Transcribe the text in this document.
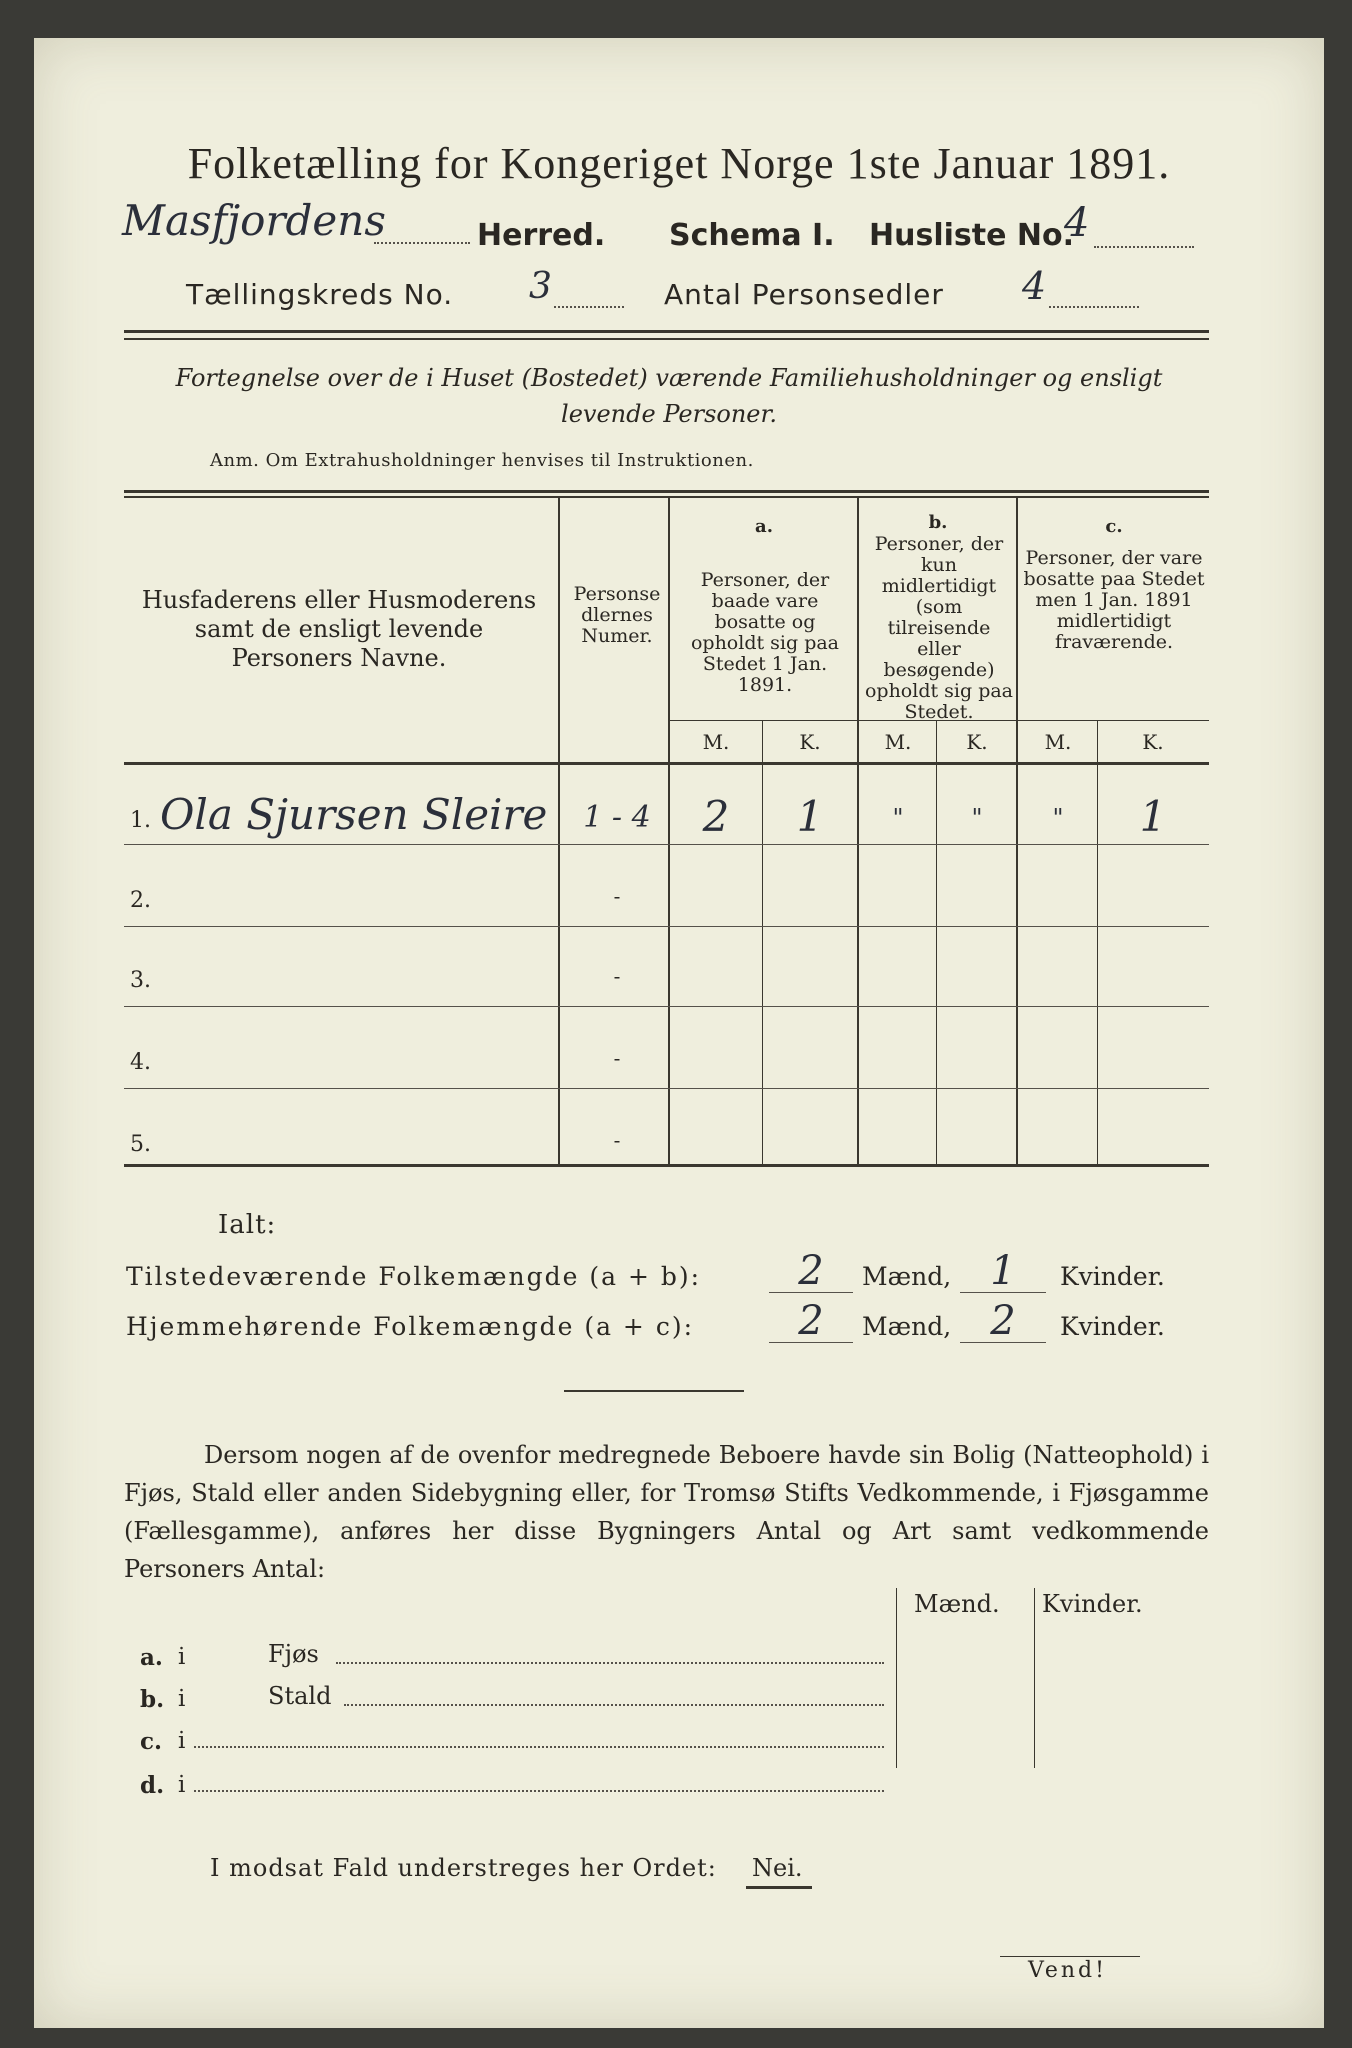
Folketælling for Kongeriget Norge 1ste Januar 1891.
Masfjordens	Herred. Schema I. Husliste No.
4
Tællingskreds No. 3	Antal Personsedler 4
Fortegnelse over de i Huset (Bostedet) værende Familiehusholdninger og ensligt
levende Personer.
Anm. Om Extrahusholdninger henvises til Instruktionen.
Husfaderens eller Husmoderens samt de ensligt levende Personers Navne.
Personsedlernes Numer.
a.
Personer, der baade vare bosatte og opholdt sig paa Stedet 1 Jan. 1891.
b.
Personer, der kun midlertidigt (som tilreisende eller besøgende) opholdt sig paa Stedet.
c.
Personer, der vare bosatte paa Stedet men 1 Jan. 1891 midlertidigt fraværende.
M.	K.	M.	K.	M.	K.
1. Ola Sjursen Sleire	1 - 4	2	1	"	"	"	1
2.	-
3.	-
4.	-
5.	-
Ialt:
Tilstedeværende Folkemængde (a + b):	2	Mænd, 1	Kvinder.
Hjemmehørende Folkemængde (a + c):	2	Mænd, 2	Kvinder.
Dersom nogen af de ovenfor medregnede Beboere havde sin Bolig (Natteophold) i Fjøs, Stald eller anden Sidebygning eller, for Tromsø Stifts Vedkommende, i Fjøsgamme (Fællesgamme), anføres her disse Bygningers Antal og Art samt vedkommende Personers Antal:
Mænd. Kvinder.
a. i	Fjøs
b. i	Stald
c. i
d. i
I modsat Fald understreges her Ordet: Nei.
Vend!
